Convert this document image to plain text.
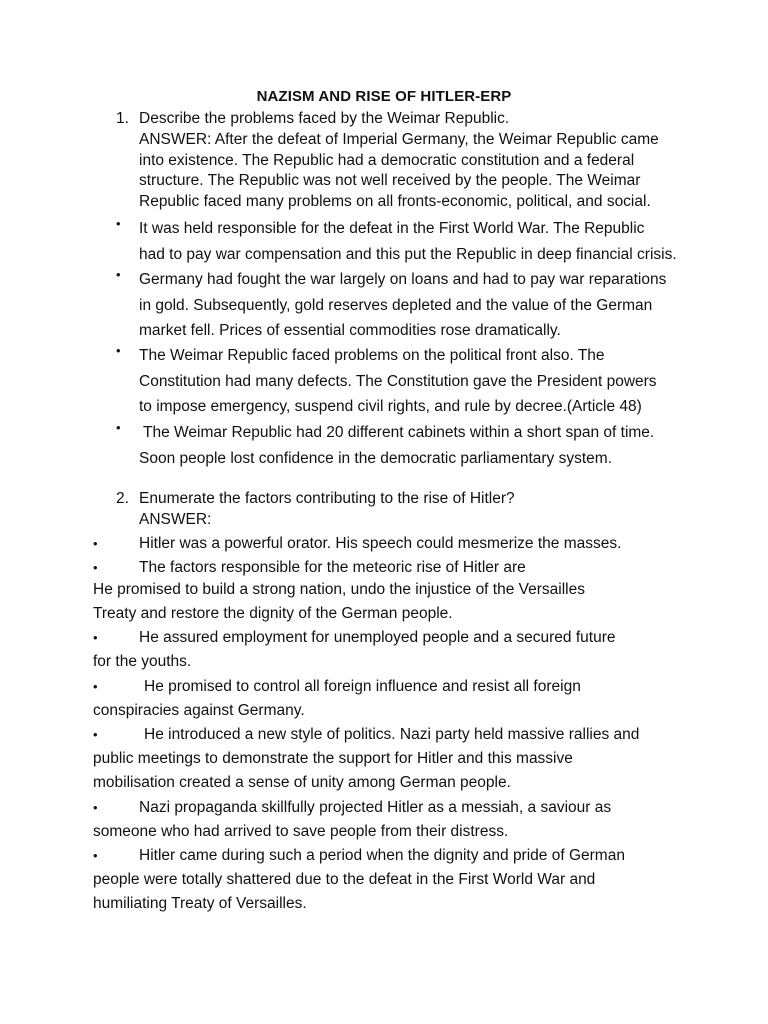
NAZISM AND RISE OF HITLER-ERP
1. Describe the problems faced by the Weimar Republic.
ANSWER: After the defeat of Imperial Germany, the Weimar Republic came
into existence. The Republic had a democratic constitution and a federal
structure. The Republic was not well received by the people. The Weimar
Republic faced many problems on all fronts-economic, political, and social.
• It was held responsible for the defeat in the First World War. The Republic
had to pay war compensation and this put the Republic in deep financial crisis.
• Germany had fought the war largely on loans and had to pay war reparations
in gold. Subsequently, gold reserves depleted and the value of the German
market fell. Prices of essential commodities rose dramatically.
• The Weimar Republic faced problems on the political front also. The
Constitution had many defects. The Constitution gave the President powers
to impose emergency, suspend civil rights, and rule by decree.(Article 48)
• The Weimar Republic had 20 different cabinets within a short span of time.
Soon people lost confidence in the democratic parliamentary system.
2. Enumerate the factors contributing to the rise of Hitler?
ANSWER:
•	Hitler was a powerful orator. His speech could mesmerize the masses.
•	The factors responsible for the meteoric rise of Hitler are
He promised to build a strong nation, undo the injustice of the Versailles
Treaty and restore the dignity of the German people.
•	He assured employment for unemployed people and a secured future
for the youths.
•	He promised to control all foreign influence and resist all foreign
conspiracies against Germany.
•	He introduced a new style of politics. Nazi party held massive rallies and
public meetings to demonstrate the support for Hitler and this massive
mobilisation created a sense of unity among German people.
•	Nazi propaganda skillfully projected Hitler as a messiah, a saviour as
someone who had arrived to save people from their distress.
•	Hitler came during such a period when the dignity and pride of German
people were totally shattered due to the defeat in the First World War and
humiliating Treaty of Versailles.
